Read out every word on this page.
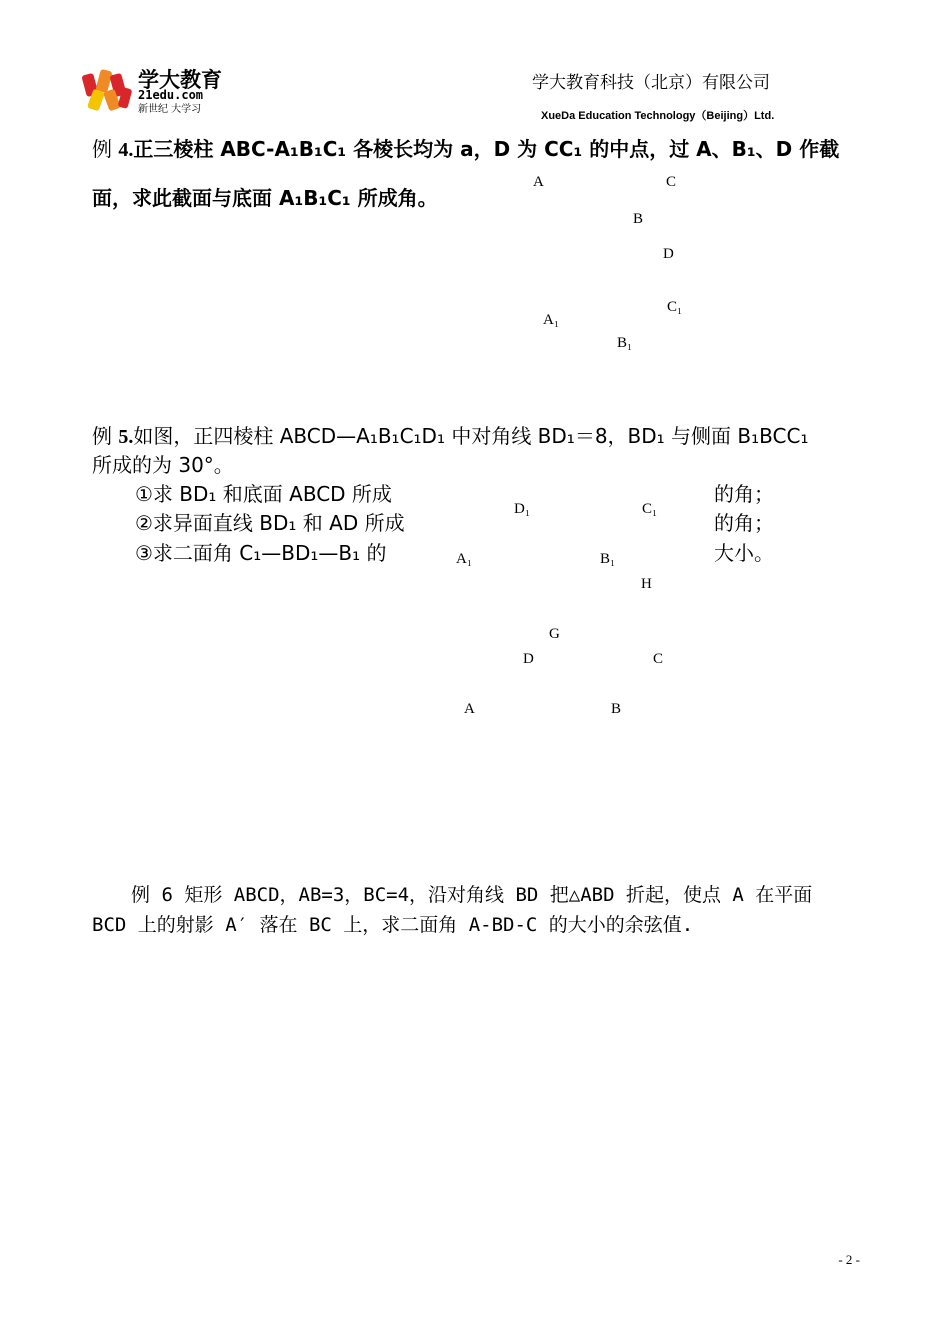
学大教育
21edu.com
新世纪 大学习
学大教育科技（北京）有限公司
XueDa Education Technology（Beijing）Ltd.
例 4.正三棱柱 ABC-A₁B₁C₁ 各棱长均为 a，D 为 CC₁ 的中点，过 A、B₁、D 作截
面，求此截面与底面 A₁B₁C₁ 所成角。
A	C
B
D
C₁
A₁
B₁
例 5.如图，正四棱柱 ABCD—A₁B₁C₁D₁ 中对角线 BD₁＝8，BD₁ 与侧面 B₁BCC₁
所成的为 30°。
①求 BD₁ 和底面 ABCD 所成	的角；
②求异面直线 BD₁ 和 AD 所成	的角；
③求二面角 C₁—BD₁—B₁ 的	大小。
D₁	C₁
A₁	B₁
H
G
D	C
A	B
例 6 矩形 ABCD，AB=3，BC=4，沿对角线 BD 把△ABD 折起，使点 A 在平面
BCD 上的射影 A′ 落在 BC 上，求二面角 A-BD-C 的大小的余弦值.
- 2 -
